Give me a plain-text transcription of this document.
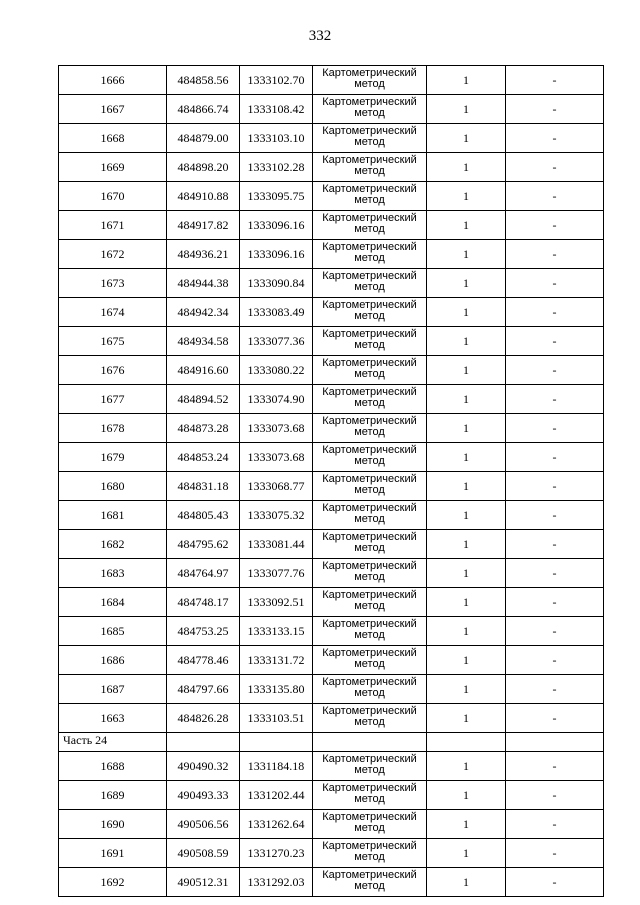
332
1666	484858.56	1333102.70	Картометрический метод	1	-
1667	484866.74	1333108.42	Картометрический метод	1	-
1668	484879.00	1333103.10	Картометрический метод	1	-
1669	484898.20	1333102.28	Картометрический метод	1	-
1670	484910.88	1333095.75	Картометрический метод	1	-
1671	484917.82	1333096.16	Картометрический метод	1	-
1672	484936.21	1333096.16	Картометрический метод	1	-
1673	484944.38	1333090.84	Картометрический метод	1	-
1674	484942.34	1333083.49	Картометрический метод	1	-
1675	484934.58	1333077.36	Картометрический метод	1	-
1676	484916.60	1333080.22	Картометрический метод	1	-
1677	484894.52	1333074.90	Картометрический метод	1	-
1678	484873.28	1333073.68	Картометрический метод	1	-
1679	484853.24	1333073.68	Картометрический метод	1	-
1680	484831.18	1333068.77	Картометрический метод	1	-
1681	484805.43	1333075.32	Картометрический метод	1	-
1682	484795.62	1333081.44	Картометрический метод	1	-
1683	484764.97	1333077.76	Картометрический метод	1	-
1684	484748.17	1333092.51	Картометрический метод	1	-
1685	484753.25	1333133.15	Картометрический метод	1	-
1686	484778.46	1333131.72	Картометрический метод	1	-
1687	484797.66	1333135.80	Картометрический метод	1	-
1663	484826.28	1333103.51	Картометрический метод	1	-
Часть 24					
1688	490490.32	1331184.18	Картометрический метод	1	-
1689	490493.33	1331202.44	Картометрический метод	1	-
1690	490506.56	1331262.64	Картометрический метод	1	-
1691	490508.59	1331270.23	Картометрический метод	1	-
1692	490512.31	1331292.03	Картометрический метод	1	-
